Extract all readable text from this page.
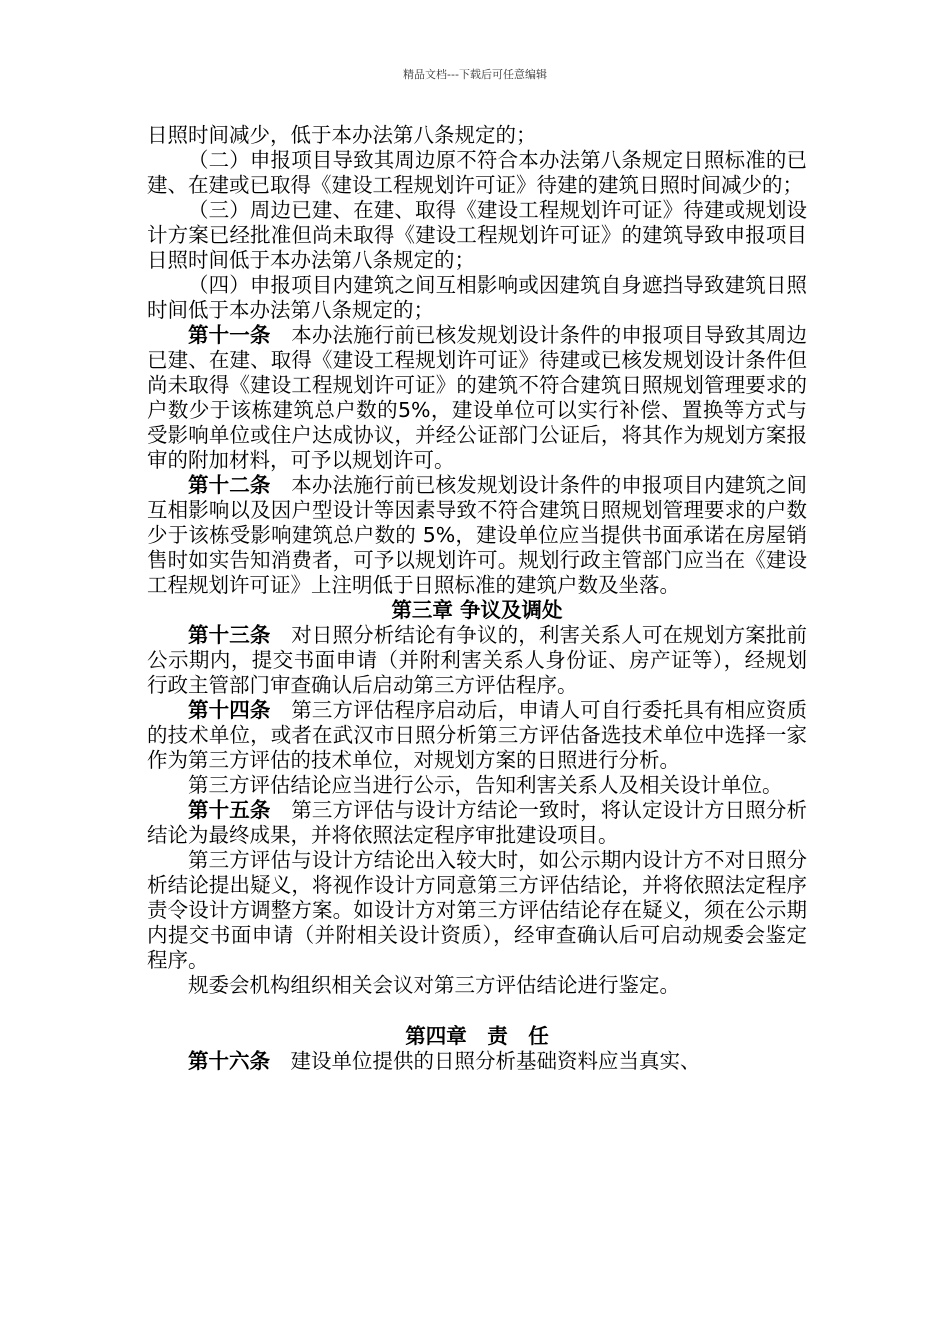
精品文档---下载后可任意编辑

日照时间减少，低于本办法第八条规定的；

（二）申报项目导致其周边原不符合本办法第八条规定日照标准的已建、在建或已取得《建设工程规划许可证》待建的建筑日照时间减少的；

（三）周边已建、在建、取得《建设工程规划许可证》待建或规划设计方案已经批准但尚未取得《建设工程规划许可证》的建筑导致申报项目日照时间低于本办法第八条规定的；

（四）申报项目内建筑之间互相影响或因建筑自身遮挡导致建筑日照时间低于本办法第八条规定的；

第十一条　 本办法施行前已核发规划设计条件的申报项目导致其周边已建、在建、取得《建设工程规划许可证》待建或已核发规划设计条件但尚未取得《建设工程规划许可证》的建筑不符合建筑日照规划管理要求的户数少于该栋建筑总户数的5%，建设单位可以实行补偿、置换等方式与受影响单位或住户达成协议，并经公证部门公证后，将其作为规划方案报审的附加材料，可予以规划许可。

第十二条　 本办法施行前已核发规划设计条件的申报项目内建筑之间互相影响以及因户型设计等因素导致不符合建筑日照规划管理要求的户数少于该栋受影响建筑总户数的 5%，建设单位应当提供书面承诺在房屋销售时如实告知消费者，可予以规划许可。规划行政主管部门应当在《建设工程规划许可证》上注明低于日照标准的建筑户数及坐落。

第三章 争议及调处

第十三条　 对日照分析结论有争议的，利害关系人可在规划方案批前公示期内，提交书面申请（并附利害关系人身份证、房产证等），经规划行政主管部门审查确认后启动第三方评估程序。

第十四条　 第三方评估程序启动后，申请人可自行委托具有相应资质的技术单位，或者在武汉市日照分析第三方评估备选技术单位中选择一家作为第三方评估的技术单位，对规划方案的日照进行分析。

第三方评估结论应当进行公示，告知利害关系人及相关设计单位。

第十五条　 第三方评估与设计方结论一致时，将认定设计方日照分析结论为最终成果，并将依照法定程序审批建设项目。

第三方评估与设计方结论出入较大时，如公示期内设计方不对日照分析结论提出疑义，将视作设计方同意第三方评估结论，并将依照法定程序责令设计方调整方案。如设计方对第三方评估结论存在疑义，须在公示期内提交书面申请（并附相关设计资质），经审查确认后可启动规委会鉴定程序。

规委会机构组织相关会议对第三方评估结论进行鉴定。

第四章　责　任

第十六条　 建设单位提供的日照分析基础资料应当真实、
